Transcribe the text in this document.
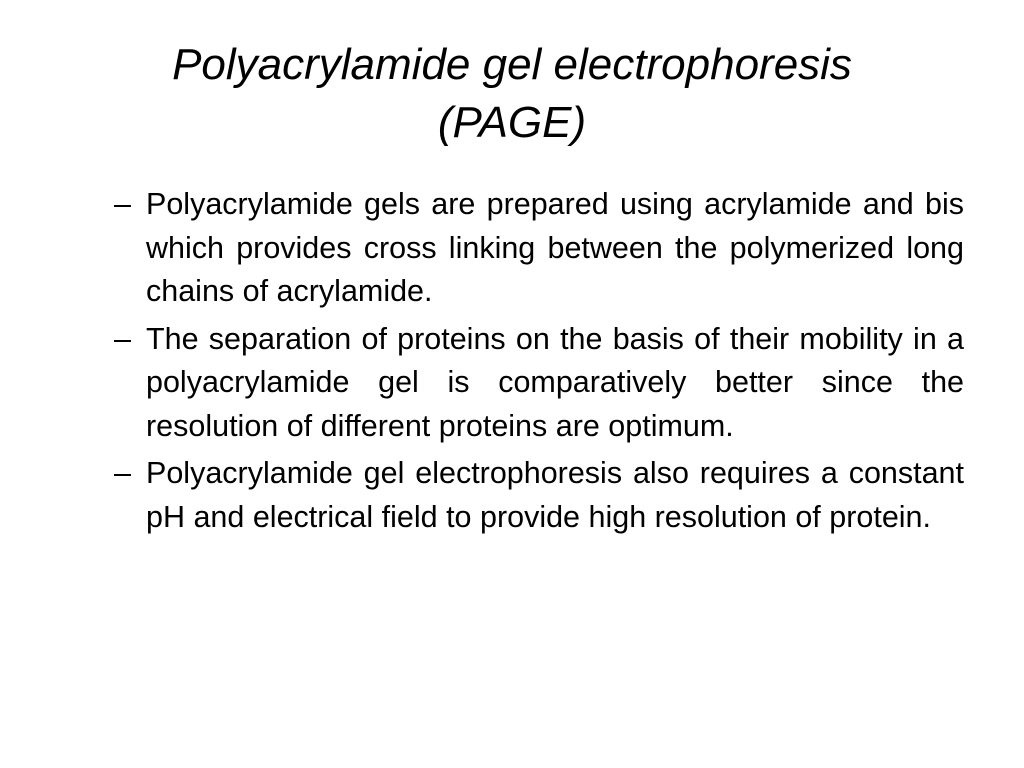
Polyacrylamide gel electrophoresis
(PAGE)
– Polyacrylamide gels are prepared using acrylamide and bis which provides cross linking between the polymerized long chains of acrylamide.
– The separation of proteins on the basis of their mobility in a polyacrylamide gel is comparatively better since the resolution of different proteins are optimum.
– Polyacrylamide gel electrophoresis also requires a constant pH and electrical field to provide high resolution of protein.
